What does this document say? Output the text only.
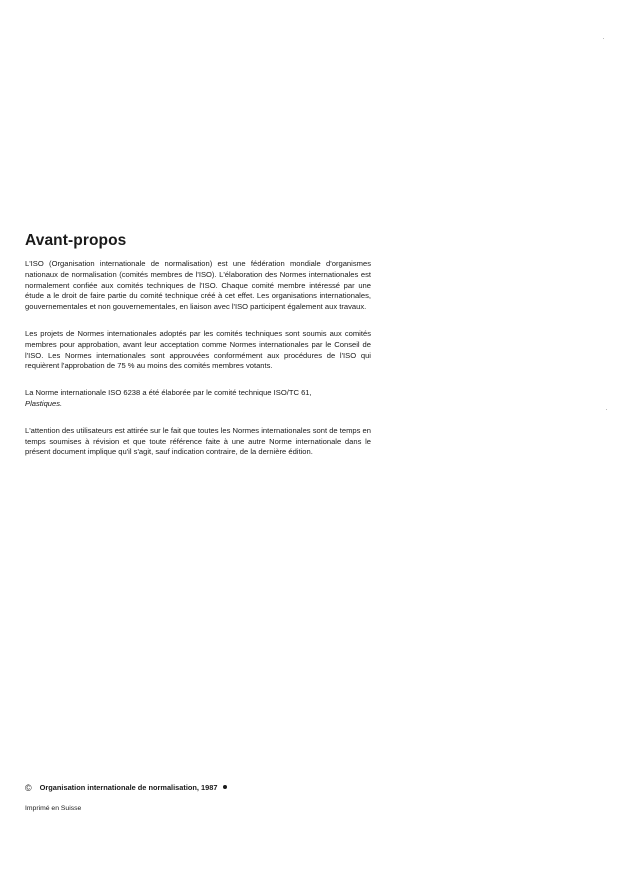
Avant-propos

L'ISO (Organisation internationale de normalisation) est une fédération mondiale d'organismes nationaux de normalisation (comités membres de l'ISO). L'élaboration des Normes internationales est normalement confiée aux comités techniques de l'ISO. Chaque comité membre intéressé par une étude a le droit de faire partie du comité technique créé à cet effet. Les organisations internationales, gouvernementales et non gouvernementales, en liaison avec l'ISO participent également aux travaux.

Les projets de Normes internationales adoptés par les comités techniques sont soumis aux comités membres pour approbation, avant leur acceptation comme Normes internationales par le Conseil de l'ISO. Les Normes internationales sont approuvées conformément aux procédures de l'ISO qui requièrent l'approbation de 75 % au moins des comités membres votants.

La Norme internationale ISO 6238 a été élaborée par le comité technique ISO/TC 61,
Plastiques.

L'attention des utilisateurs est attirée sur le fait que toutes les Normes internationales sont de temps en temps soumises à révision et que toute référence faite à une autre Norme internationale dans le présent document implique qu'il s'agit, sauf indication contraire, de la dernière édition.

© Organisation internationale de normalisation, 1987
Imprimé en Suisse
